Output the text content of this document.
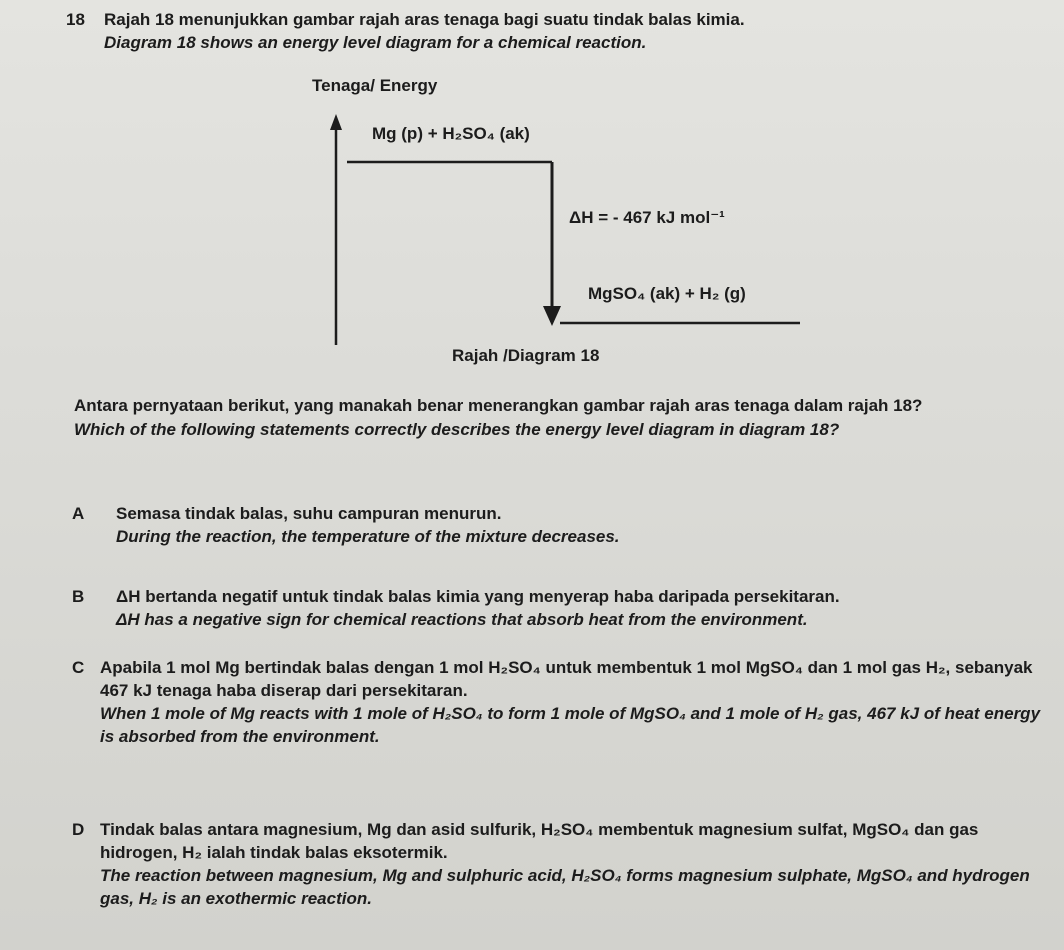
18 Rajah 18 menunjukkan gambar rajah aras tenaga bagi suatu tindak balas kimia.
Diagram 18 shows an energy level diagram for a chemical reaction.
Tenaga/ Energy
Mg (p) + H₂SO₄ (ak)
ΔH = - 467 kJ mol⁻¹
MgSO₄ (ak) + H₂ (g)
Rajah /Diagram 18
Antara pernyataan berikut, yang manakah benar menerangkan gambar rajah aras tenaga dalam rajah 18?
Which of the following statements correctly describes the energy level diagram in diagram 18?
A Semasa tindak balas, suhu campuran menurun.
During the reaction, the temperature of the mixture decreases.
B ΔH bertanda negatif untuk tindak balas kimia yang menyerap haba daripada persekitaran.
ΔH has a negative sign for chemical reactions that absorb heat from the environment.
C Apabila 1 mol Mg bertindak balas dengan 1 mol H₂SO₄ untuk membentuk 1 mol MgSO₄ dan 1 mol gas H₂, sebanyak 467 kJ tenaga haba diserap dari persekitaran.
When 1 mole of Mg reacts with 1 mole of H₂SO₄ to form 1 mole of MgSO₄ and 1 mole of H₂ gas, 467 kJ of heat energy is absorbed from the environment.
D Tindak balas antara magnesium, Mg dan asid sulfurik, H₂SO₄ membentuk magnesium sulfat, MgSO₄ dan gas hidrogen, H₂ ialah tindak balas eksotermik.
The reaction between magnesium, Mg and sulphuric acid, H₂SO₄ forms magnesium sulphate, MgSO₄ and hydrogen gas, H₂ is an exothermic reaction.
